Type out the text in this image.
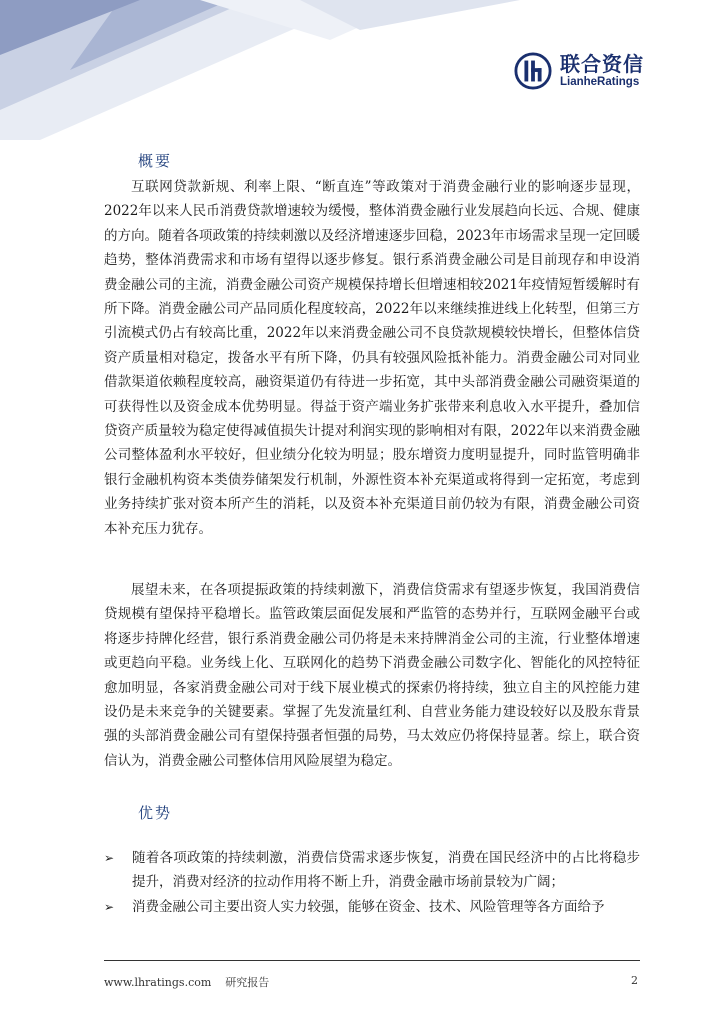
联合资信
LianheRatings
概要

互联网贷款新规、利率上限、“断直连”等政策对于消费金融行业的影响逐步显现，2022年以来人民币消费贷款增速较为缓慢，整体消费金融行业发展趋向长远、合规、健康的方向。随着各项政策的持续刺激以及经济增速逐步回稳，2023年市场需求呈现一定回暖趋势，整体消费需求和市场有望得以逐步修复。银行系消费金融公司是目前现存和申设消费金融公司的主流，消费金融公司资产规模保持增长但增速相较2021年疫情短暂缓解时有所下降。消费金融公司产品同质化程度较高，2022年以来继续推进线上化转型，但第三方引流模式仍占有较高比重，2022年以来消费金融公司不良贷款规模较快增长，但整体信贷资产质量相对稳定，拨备水平有所下降，仍具有较强风险抵补能力。消费金融公司对同业借款渠道依赖程度较高，融资渠道仍有待进一步拓宽，其中头部消费金融公司融资渠道的可获得性以及资金成本优势明显。得益于资产端业务扩张带来利息收入水平提升，叠加信贷资产质量较为稳定使得减值损失计提对利润实现的影响相对有限，2022年以来消费金融公司整体盈利水平较好，但业绩分化较为明显；股东增资力度明显提升，同时监管明确非银行金融机构资本类债券储架发行机制，外源性资本补充渠道或将得到一定拓宽，考虑到业务持续扩张对资本所产生的消耗，以及资本补充渠道目前仍较为有限，消费金融公司资本补充压力犹存。

展望未来，在各项提振政策的持续刺激下，消费信贷需求有望逐步恢复，我国消费信贷规模有望保持平稳增长。监管政策层面促发展和严监管的态势并行，互联网金融平台或将逐步持牌化经营，银行系消费金融公司仍将是未来持牌消金公司的主流，行业整体增速或更趋向平稳。业务线上化、互联网化的趋势下消费金融公司数字化、智能化的风控特征愈加明显，各家消费金融公司对于线下展业模式的探索仍将持续，独立自主的风控能力建设仍是未来竞争的关键要素。掌握了先发流量红利、自营业务能力建设较好以及股东背景强的头部消费金融公司有望保持强者恒强的局势，马太效应仍将保持显著。综上，联合资信认为，消费金融公司整体信用风险展望为稳定。

优势
➢ 随着各项政策的持续刺激，消费信贷需求逐步恢复，消费在国民经济中的占比将稳步提升，消费对经济的拉动作用将不断上升，消费金融市场前景较为广阔；
➢ 消费金融公司主要出资人实力较强，能够在资金、技术、风险管理等各方面给予
www.lhratings.com 研究报告	2
